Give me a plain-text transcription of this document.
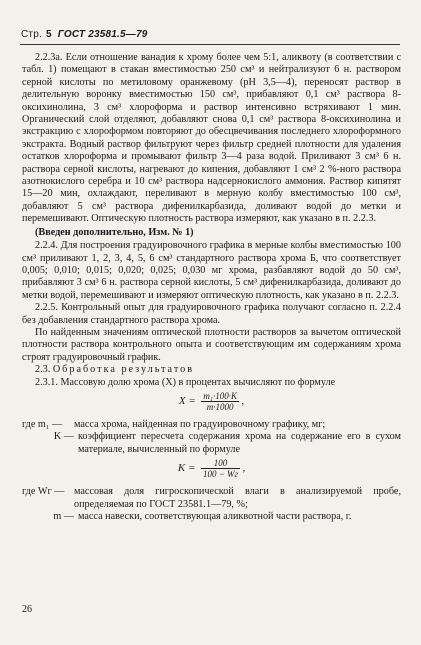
Стр. 5 ГОСТ 23581.5—79

2.2.3а. Если отношение ванадия к хрому более чем 5:1, аликвоту (в соответствии с табл. 1) помещают в стакан вместимостью 250 см³ и нейтрализуют 6 н. раствором серной кислоты по метиловому оранжевому (рН 3,5—4), переносят раствор в делительную воронку вместимостью 150 см³, прибавляют 0,1 см³ раствора 8-оксихинолина, 3 см³ хлороформа и раствор интенсивно встряхивают 1 мин. Органический слой отделяют, добавляют снова 0,1 см³ раствора 8-оксихинолина и экстракцию с хлороформом повторяют до обесцвечивания последнего хлороформного экстракта. Водный раствор фильтруют через фильтр средней плотности для удаления остатков хлороформа и промывают фильтр 3—4 раза водой. Приливают 3 см³ 6 н. раствора серной кислоты, нагревают до кипения, добавляют 1 см³ 2 %-ного раствора азотнокислого серебра и 10 см³ раствора надсернокислого аммония. Раствор кипятят 15—20 мин, охлаждают, переливают в мерную колбу вместимостью 100 см³, добавляют 5 см³ раствора дифенилкарбазида, доливают водой до метки и перемешивают. Оптическую плотность раствора измеряют, как указано в п. 2.2.3.

(Введен дополнительно, Изм. № 1)

2.2.4. Для построения градуировочного графика в мерные колбы вместимостью 100 см³ приливают 1, 2, 3, 4, 5, 6 см³ стандартного раствора хрома Б, что соответствует 0,005; 0,010; 0,015; 0,020; 0,025; 0,030 мг хрома, разбавляют водой до 50 см³, прибавляют 3 см³ 6 н. раствора серной кислоты, 5 см³ дифенилкарбазида, доливают до метки водой, перемешивают и измеряют оптическую плотность, как указано в п. 2.2.3.

2.2.5. Контрольный опыт для градуировочного графика получают согласно п. 2.2.4 без добавления стандартного раствора хрома.

По найденным значениям оптической плотности растворов за вычетом оптической плотности раствора контрольного опыта и соответствующим им содержаниям хрома строят градуировочный график.

2.3. Обработка результатов

2.3.1. Массовую долю хрома (X) в процентах вычисляют по формуле

$X = \frac{\text{m₁·100·K}}{m\cdot 1000}$ ,
где m₁ —	масса хрома, найденная по градуировочному графику, мг;
K — коэффициент пересчета содержания хрома на содержание его в сухом материале, вычисленный по формуле
$K = \frac{100}{100 - Wг}$ ,
где Wг — массовая доля гигроскопической влаги в анализируемой пробе, определяемая по ГОСТ 23581.1—79, %;
m — масса навески, соответствующая аликвотной части раствора, г.
26
